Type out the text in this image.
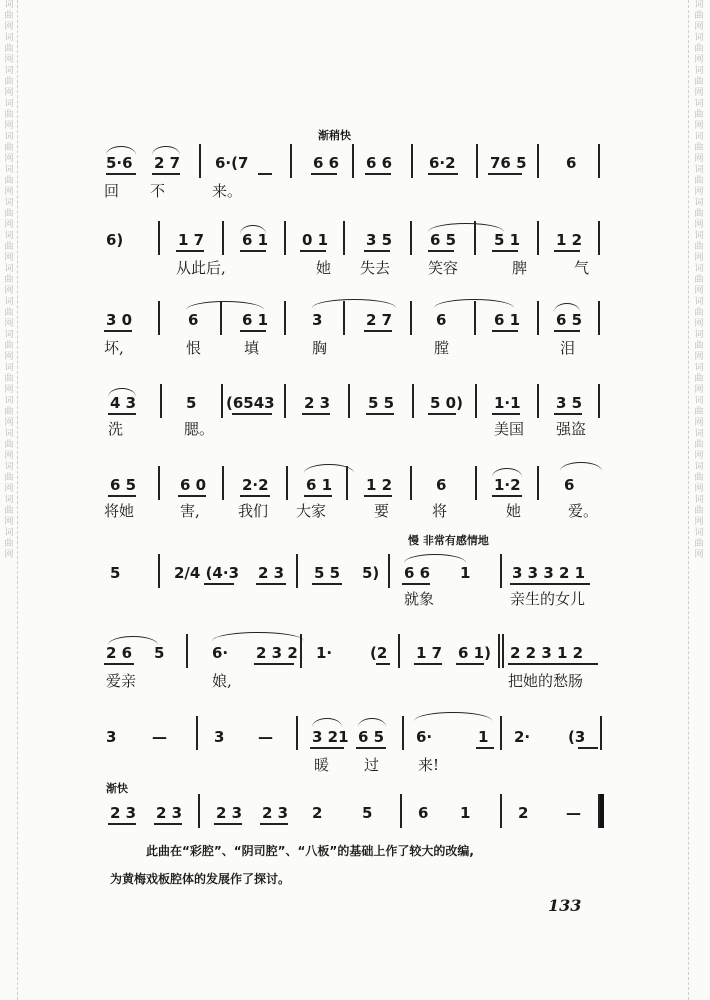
词曲网 词曲网 词曲网 词曲网 词曲网 词曲网 词曲网 词曲网 词曲网 词曲网 词曲网 词曲网 词曲网 词曲网 词曲网 词曲网 词曲网
词曲网 词曲网 词曲网 词曲网 词曲网 词曲网 词曲网 词曲网 词曲网 词曲网 词曲网 词曲网 词曲网 词曲网 词曲网 词曲网 词曲网
渐稍快
5·6 2 7 6·(7	6 6 6 6 6·2 76 5	6
回 不	来。
6)	1 7	6 1 0 1	3 5	6 5	5 1 1 2
从此后,	她 失去	笑容	脾	气
3 0	6	6 1	3	2 7	6	6 1 6 5
坏,	恨	填	胸	膛	泪
4 3	5 (6543 2 3	5 5 5 0) 1·1 3 5
洗	腮。	美国 强盗
6 5	6 0 2·2 6 1 1 2	6	1·2	6
将她	害,	我们 大家	要	将	她	爱。
慢 非常有感情地
5	2/4 (4·3 2 3 5 5 5) 6 6 1	3 3 3 2 1
就象	亲生的女儿
2 6 5	6· 2 3 2 1·	(2 1 7 6 1) 2 2 3 1 2
爱亲	娘,	把她的愁肠
3 —	3 —	3 21 6 5 6·	1 2·	(3
暖 过	来!
渐快
2 3 2 3 2 3 2 3 2	5	6 1	2	—
此曲在“彩腔”、“阴司腔”、“八板”的基础上作了较大的改编,
为黄梅戏板腔体的发展作了探讨。
133
